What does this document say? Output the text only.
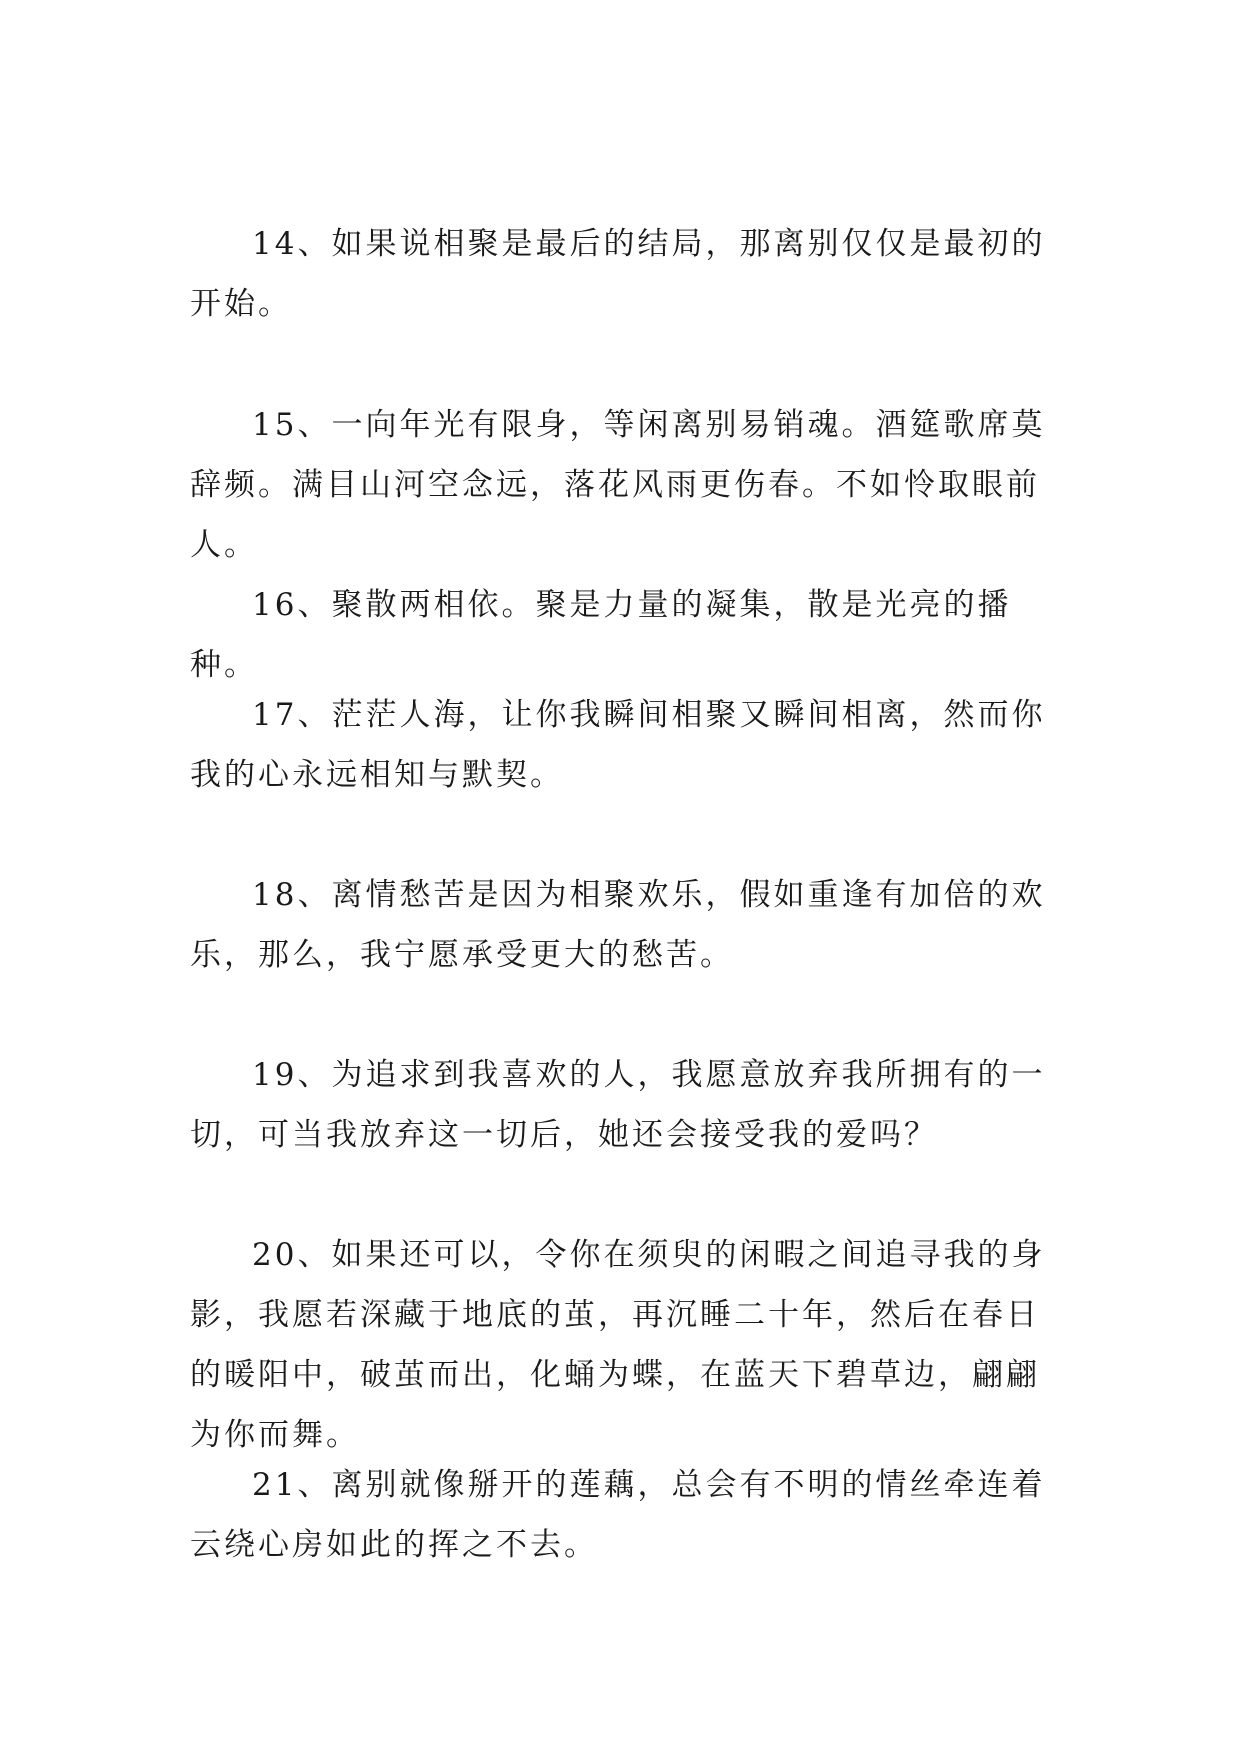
14、如果说相聚是最后的结局，那离别仅仅是最初的开始。

15、一向年光有限身，等闲离别易销魂。酒筵歌席莫辞频。满目山河空念远，落花风雨更伤春。不如怜取眼前人。

16、聚散两相依。聚是力量的凝集，散是光亮的播种。

17、茫茫人海，让你我瞬间相聚又瞬间相离，然而你我的心永远相知与默契。

18、离情愁苦是因为相聚欢乐，假如重逢有加倍的欢乐，那么，我宁愿承受更大的愁苦。

19、为追求到我喜欢的人，我愿意放弃我所拥有的一切，可当我放弃这一切后，她还会接受我的爱吗？

20、如果还可以，令你在须臾的闲暇之间追寻我的身影，我愿若深藏于地底的茧，再沉睡二十年，然后在春日的暖阳中，破茧而出，化蛹为蝶，在蓝天下碧草边，翩翩为你而舞。

21、离别就像掰开的莲藕，总会有不明的情丝牵连着云绕心房如此的挥之不去。
